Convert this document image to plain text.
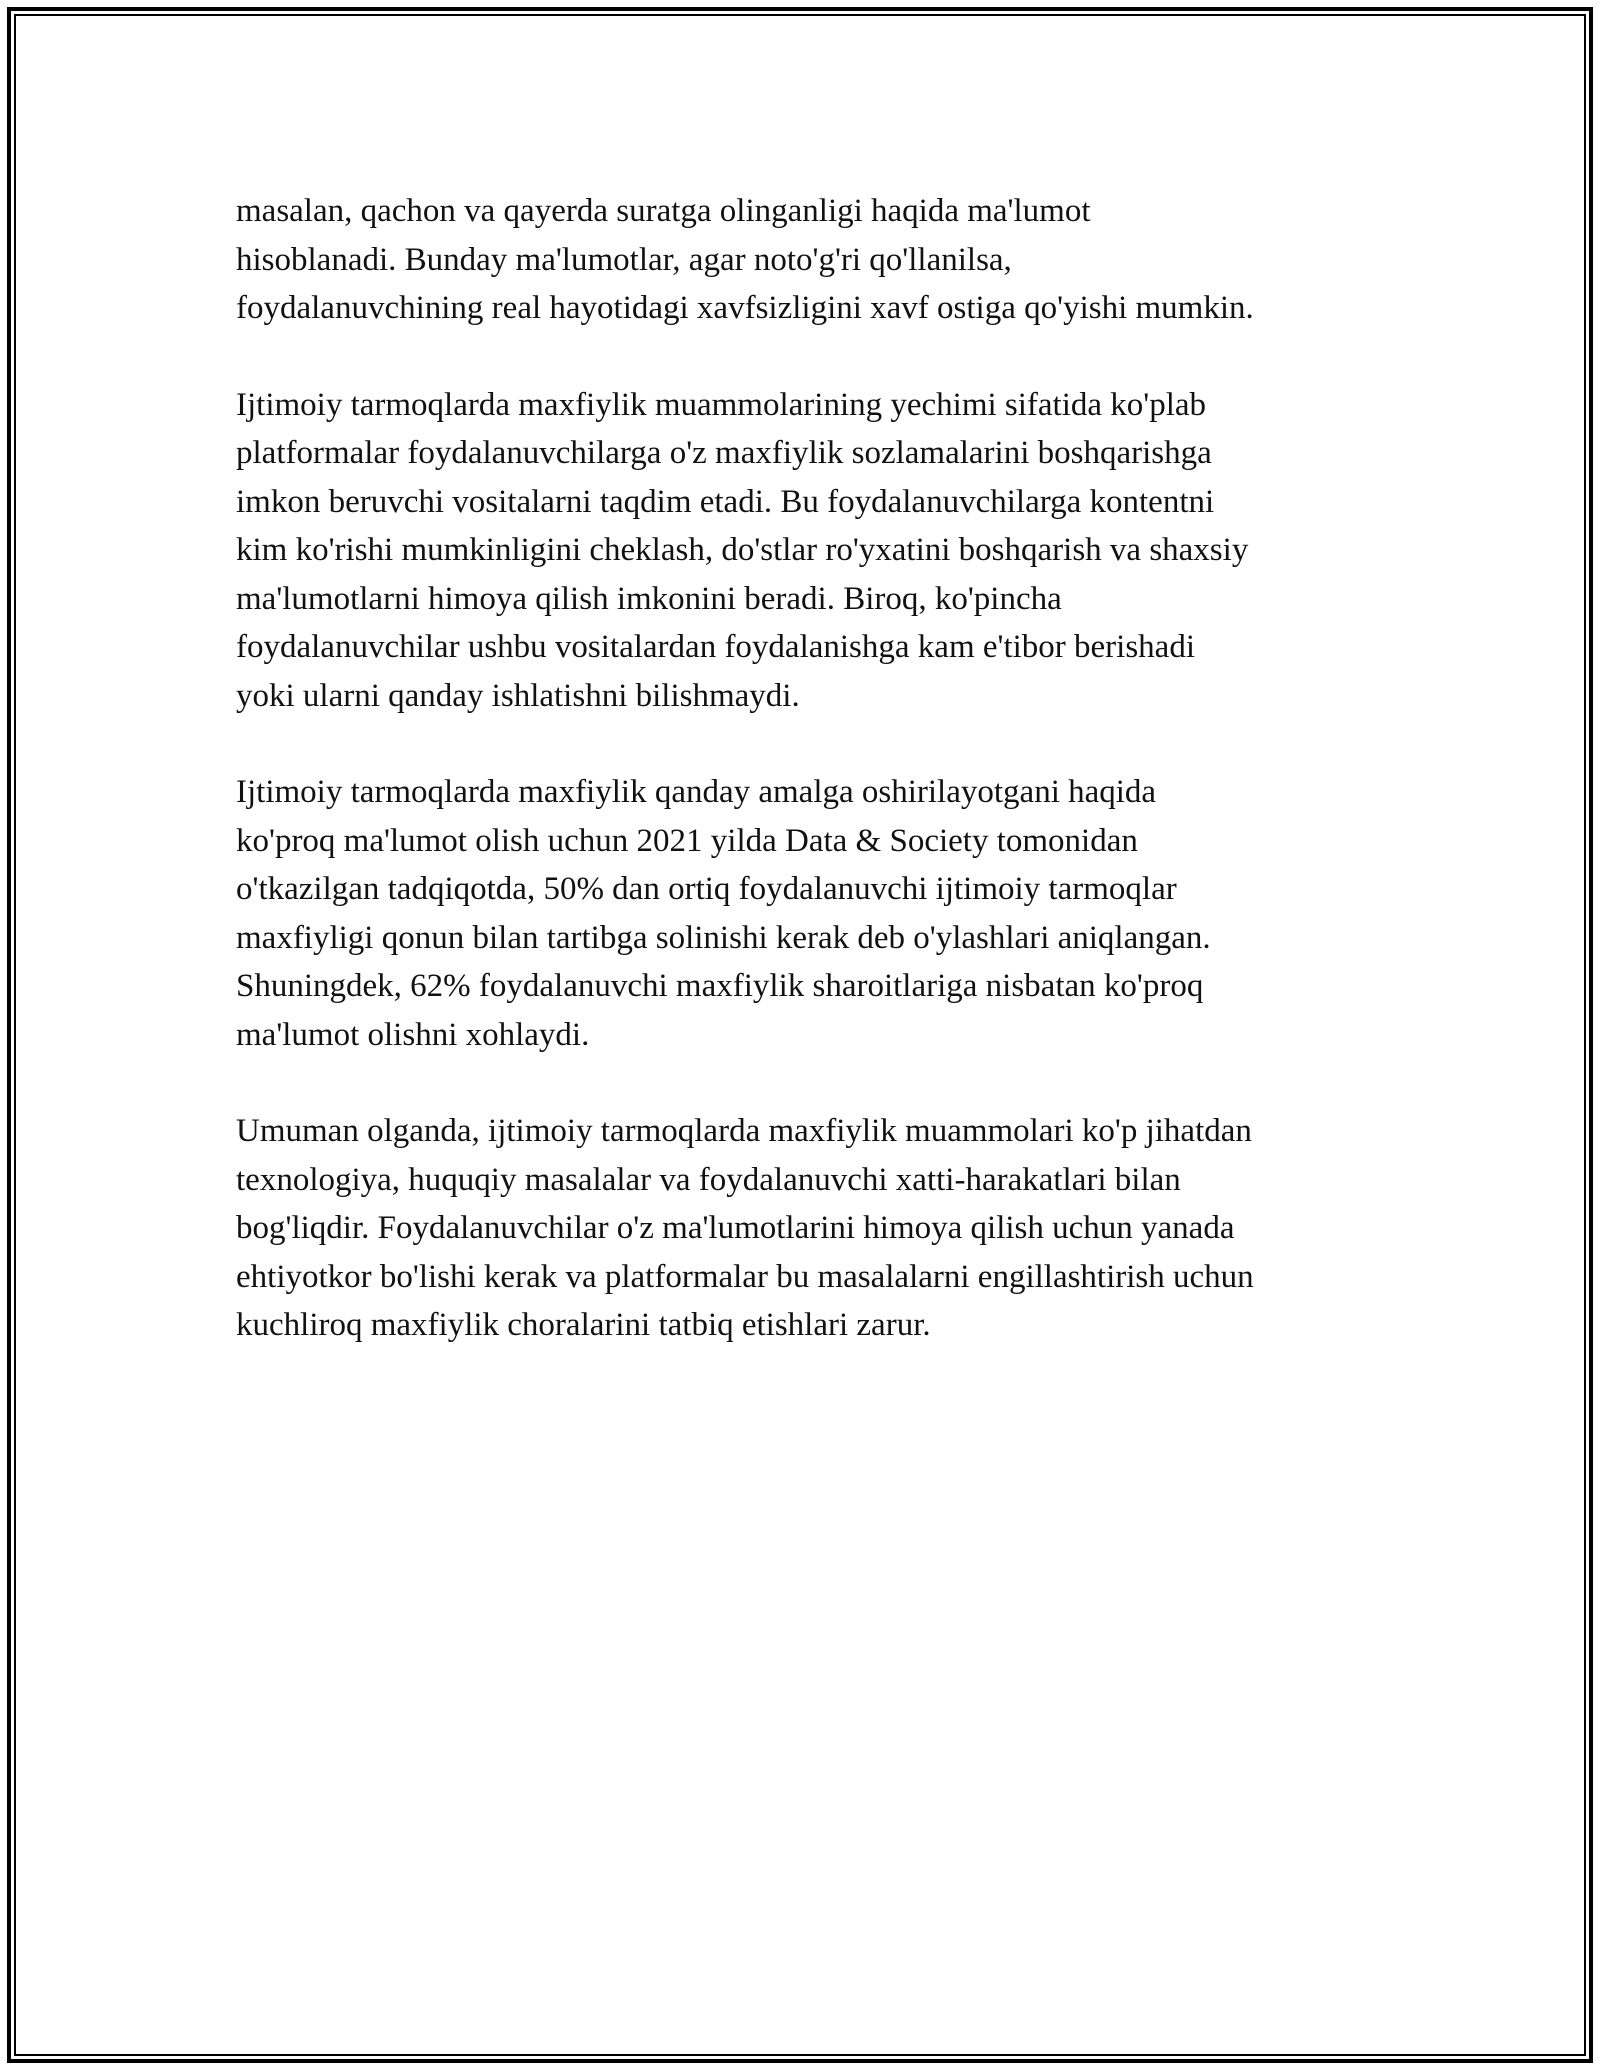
masalan, qachon va qayerda suratga olinganligi haqida ma'lumot
hisoblanadi. Bunday ma'lumotlar, agar noto'g'ri qo'llanilsa,
foydalanuvchining real hayotidagi xavfsizligini xavf ostiga qo'yishi mumkin.

Ijtimoiy tarmoqlarda maxfiylik muammolarining yechimi sifatida ko'plab
platformalar foydalanuvchilarga o'z maxfiylik sozlamalarini boshqarishga
imkon beruvchi vositalarni taqdim etadi. Bu foydalanuvchilarga kontentni
kim ko'rishi mumkinligini cheklash, do'stlar ro'yxatini boshqarish va shaxsiy
ma'lumotlarni himoya qilish imkonini beradi. Biroq, ko'pincha
foydalanuvchilar ushbu vositalardan foydalanishga kam e'tibor berishadi
yoki ularni qanday ishlatishni bilishmaydi.

Ijtimoiy tarmoqlarda maxfiylik qanday amalga oshirilayotgani haqida
ko'proq ma'lumot olish uchun 2021 yilda Data & Society tomonidan
o'tkazilgan tadqiqotda, 50% dan ortiq foydalanuvchi ijtimoiy tarmoqlar
maxfiyligi qonun bilan tartibga solinishi kerak deb o'ylashlari aniqlangan.
Shuningdek, 62% foydalanuvchi maxfiylik sharoitlariga nisbatan ko'proq
ma'lumot olishni xohlaydi.

Umuman olganda, ijtimoiy tarmoqlarda maxfiylik muammolari ko'p jihatdan
texnologiya, huquqiy masalalar va foydalanuvchi xatti-harakatlari bilan
bog'liqdir. Foydalanuvchilar o'z ma'lumotlarini himoya qilish uchun yanada
ehtiyotkor bo'lishi kerak va platformalar bu masalalarni engillashtirish uchun
kuchliroq maxfiylik choralarini tatbiq etishlari zarur.
